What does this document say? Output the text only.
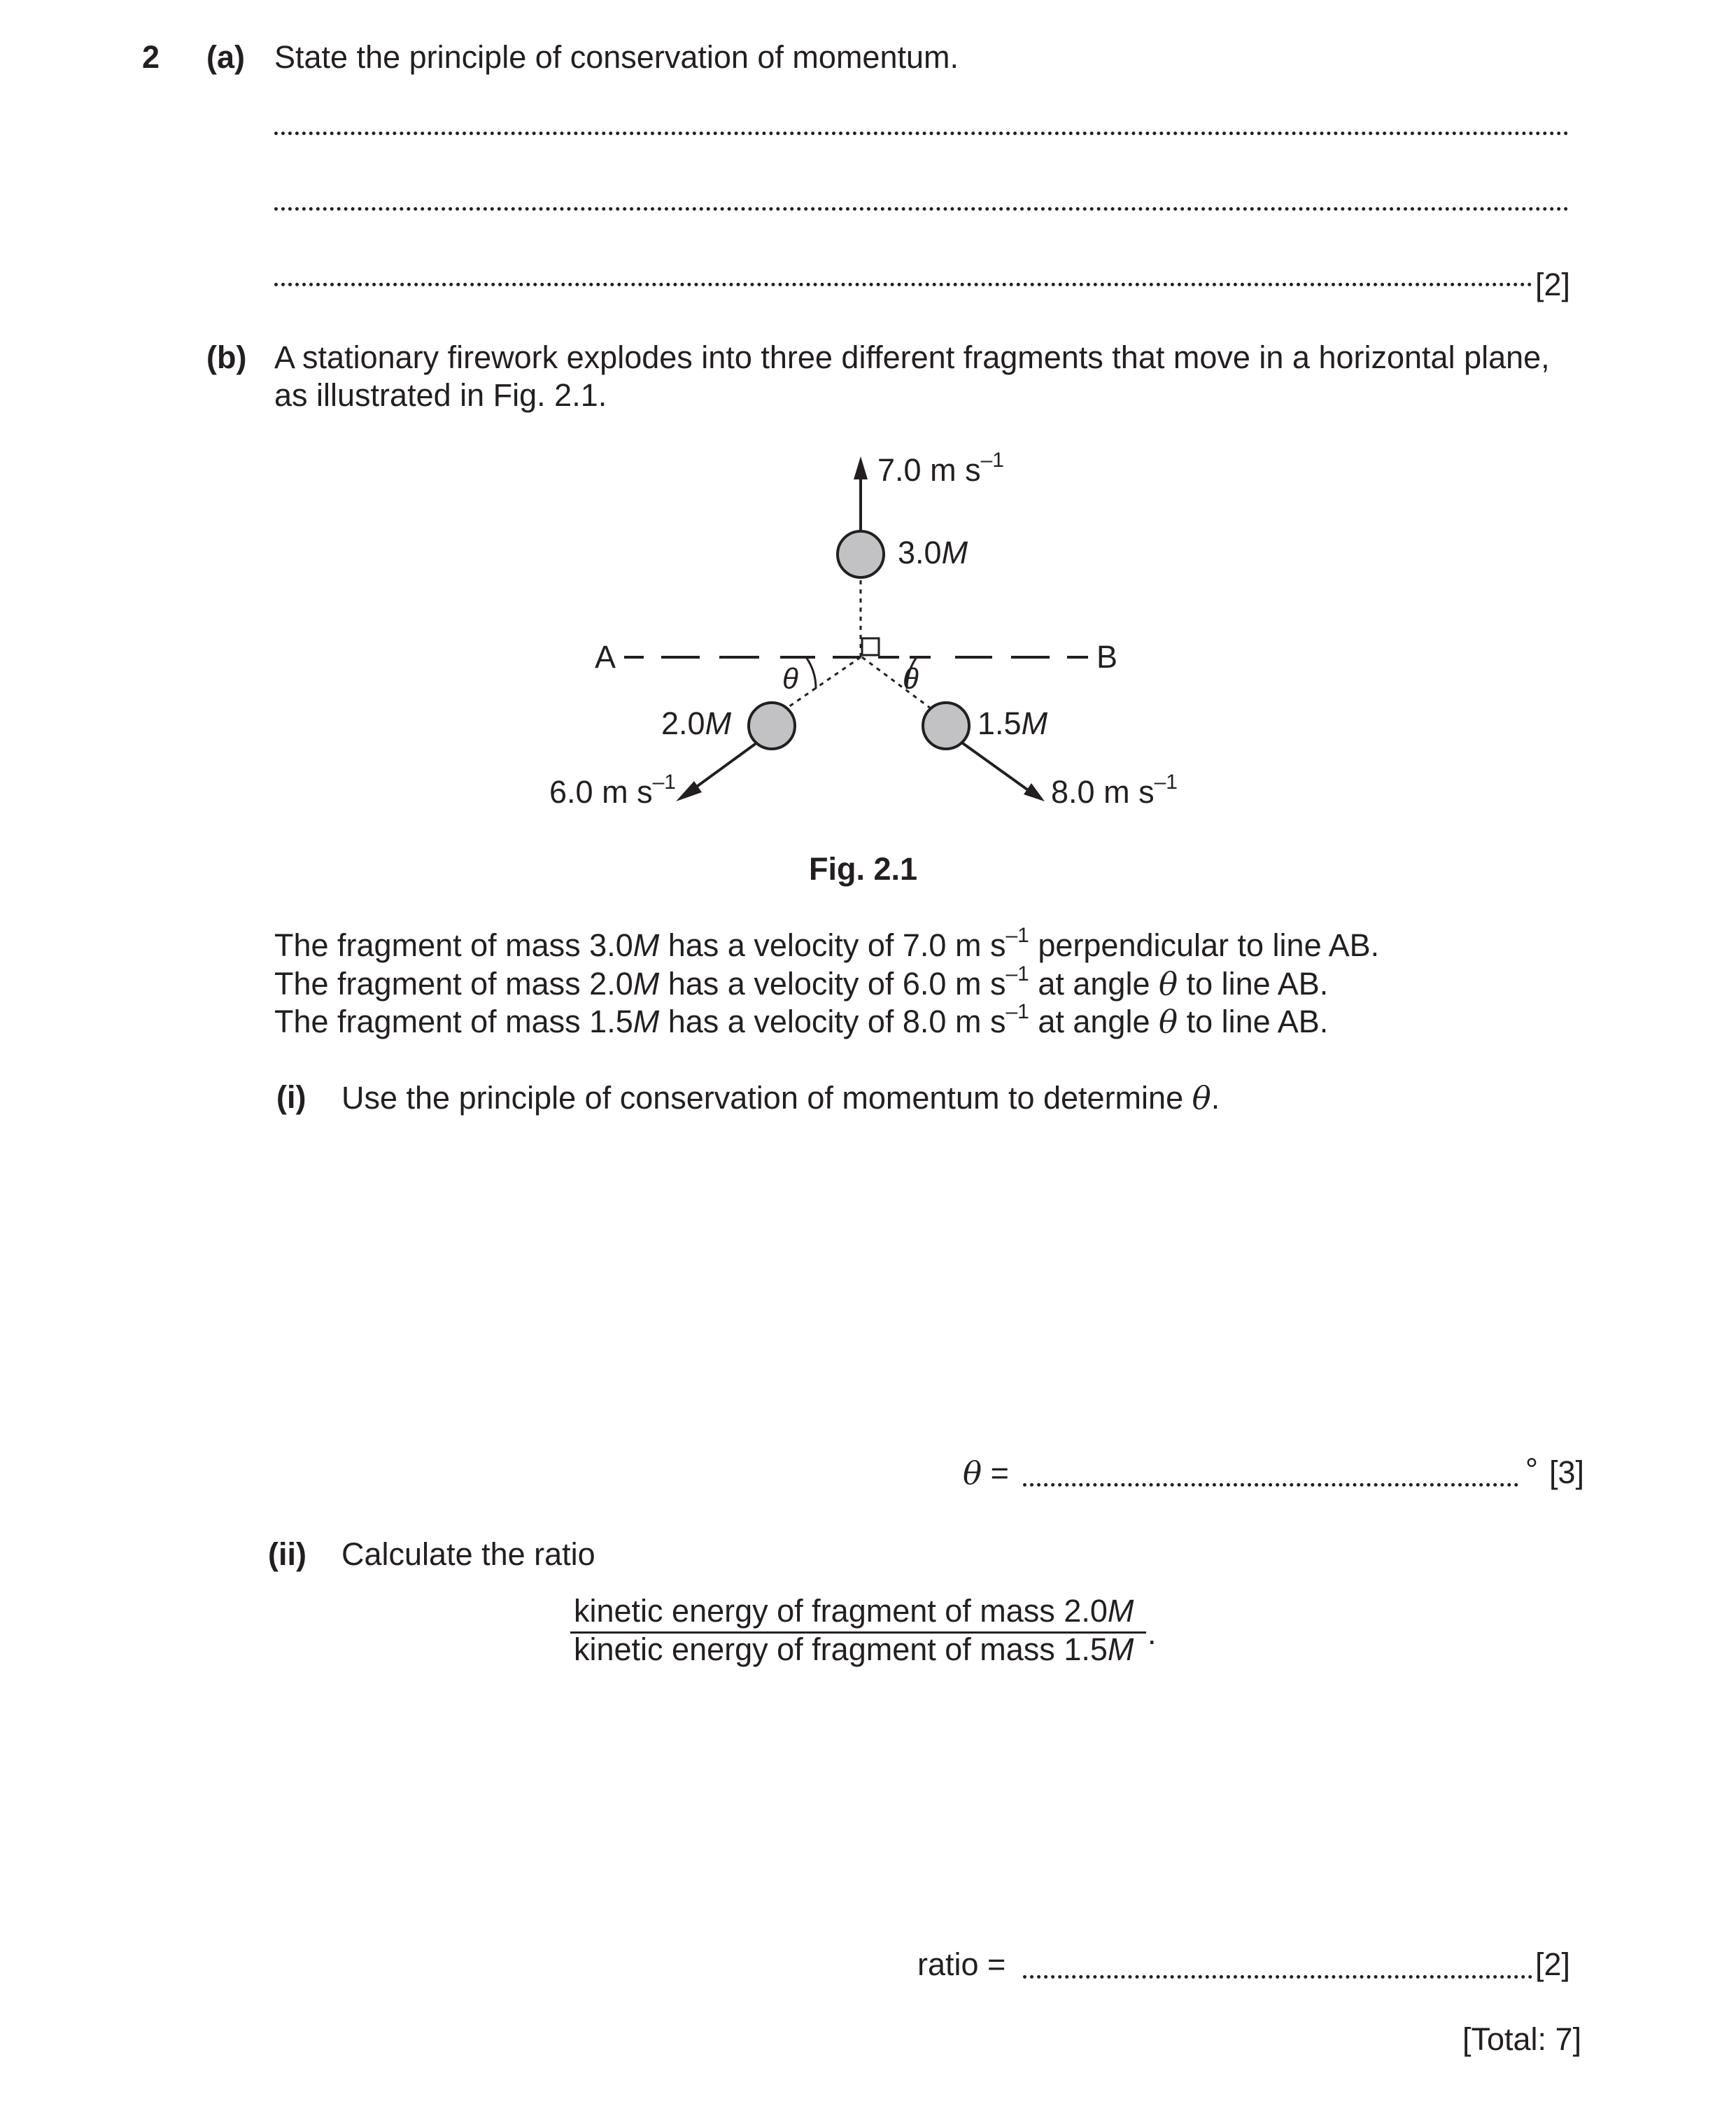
2 (a) State the principle of conservation of momentum.
[2]
(b) A stationary firework explodes into three different fragments that move in a horizontal plane,
as illustrated in Fig. 2.1.
A	B
θ	θ
7.0 m $s^{-1}$
3.0M
2.0M	1.5M
6.0 m $s^{-1}$	8.0 m $s^{-1}$
Fig. 2.1
The fragment of mass 3.0M has a velocity of 7.0 m $s^{-1}$ perpendicular to line AB.
The fragment of mass 2.0M has a velocity of 6.0 m $s^{-1}$ at angle θ to line AB.
The fragment of mass 1.5M has a velocity of 8.0 m $s^{-1}$ at angle θ to line AB.
(i) Use the principle of conservation of momentum to determine θ.
θ =	° [3]
(ii) Calculate the ratio
kinetic energy of fragment of mass 2.0M
kinetic energy of fragment of mass 1.5M .
ratio =	[2]
[Total: 7]
